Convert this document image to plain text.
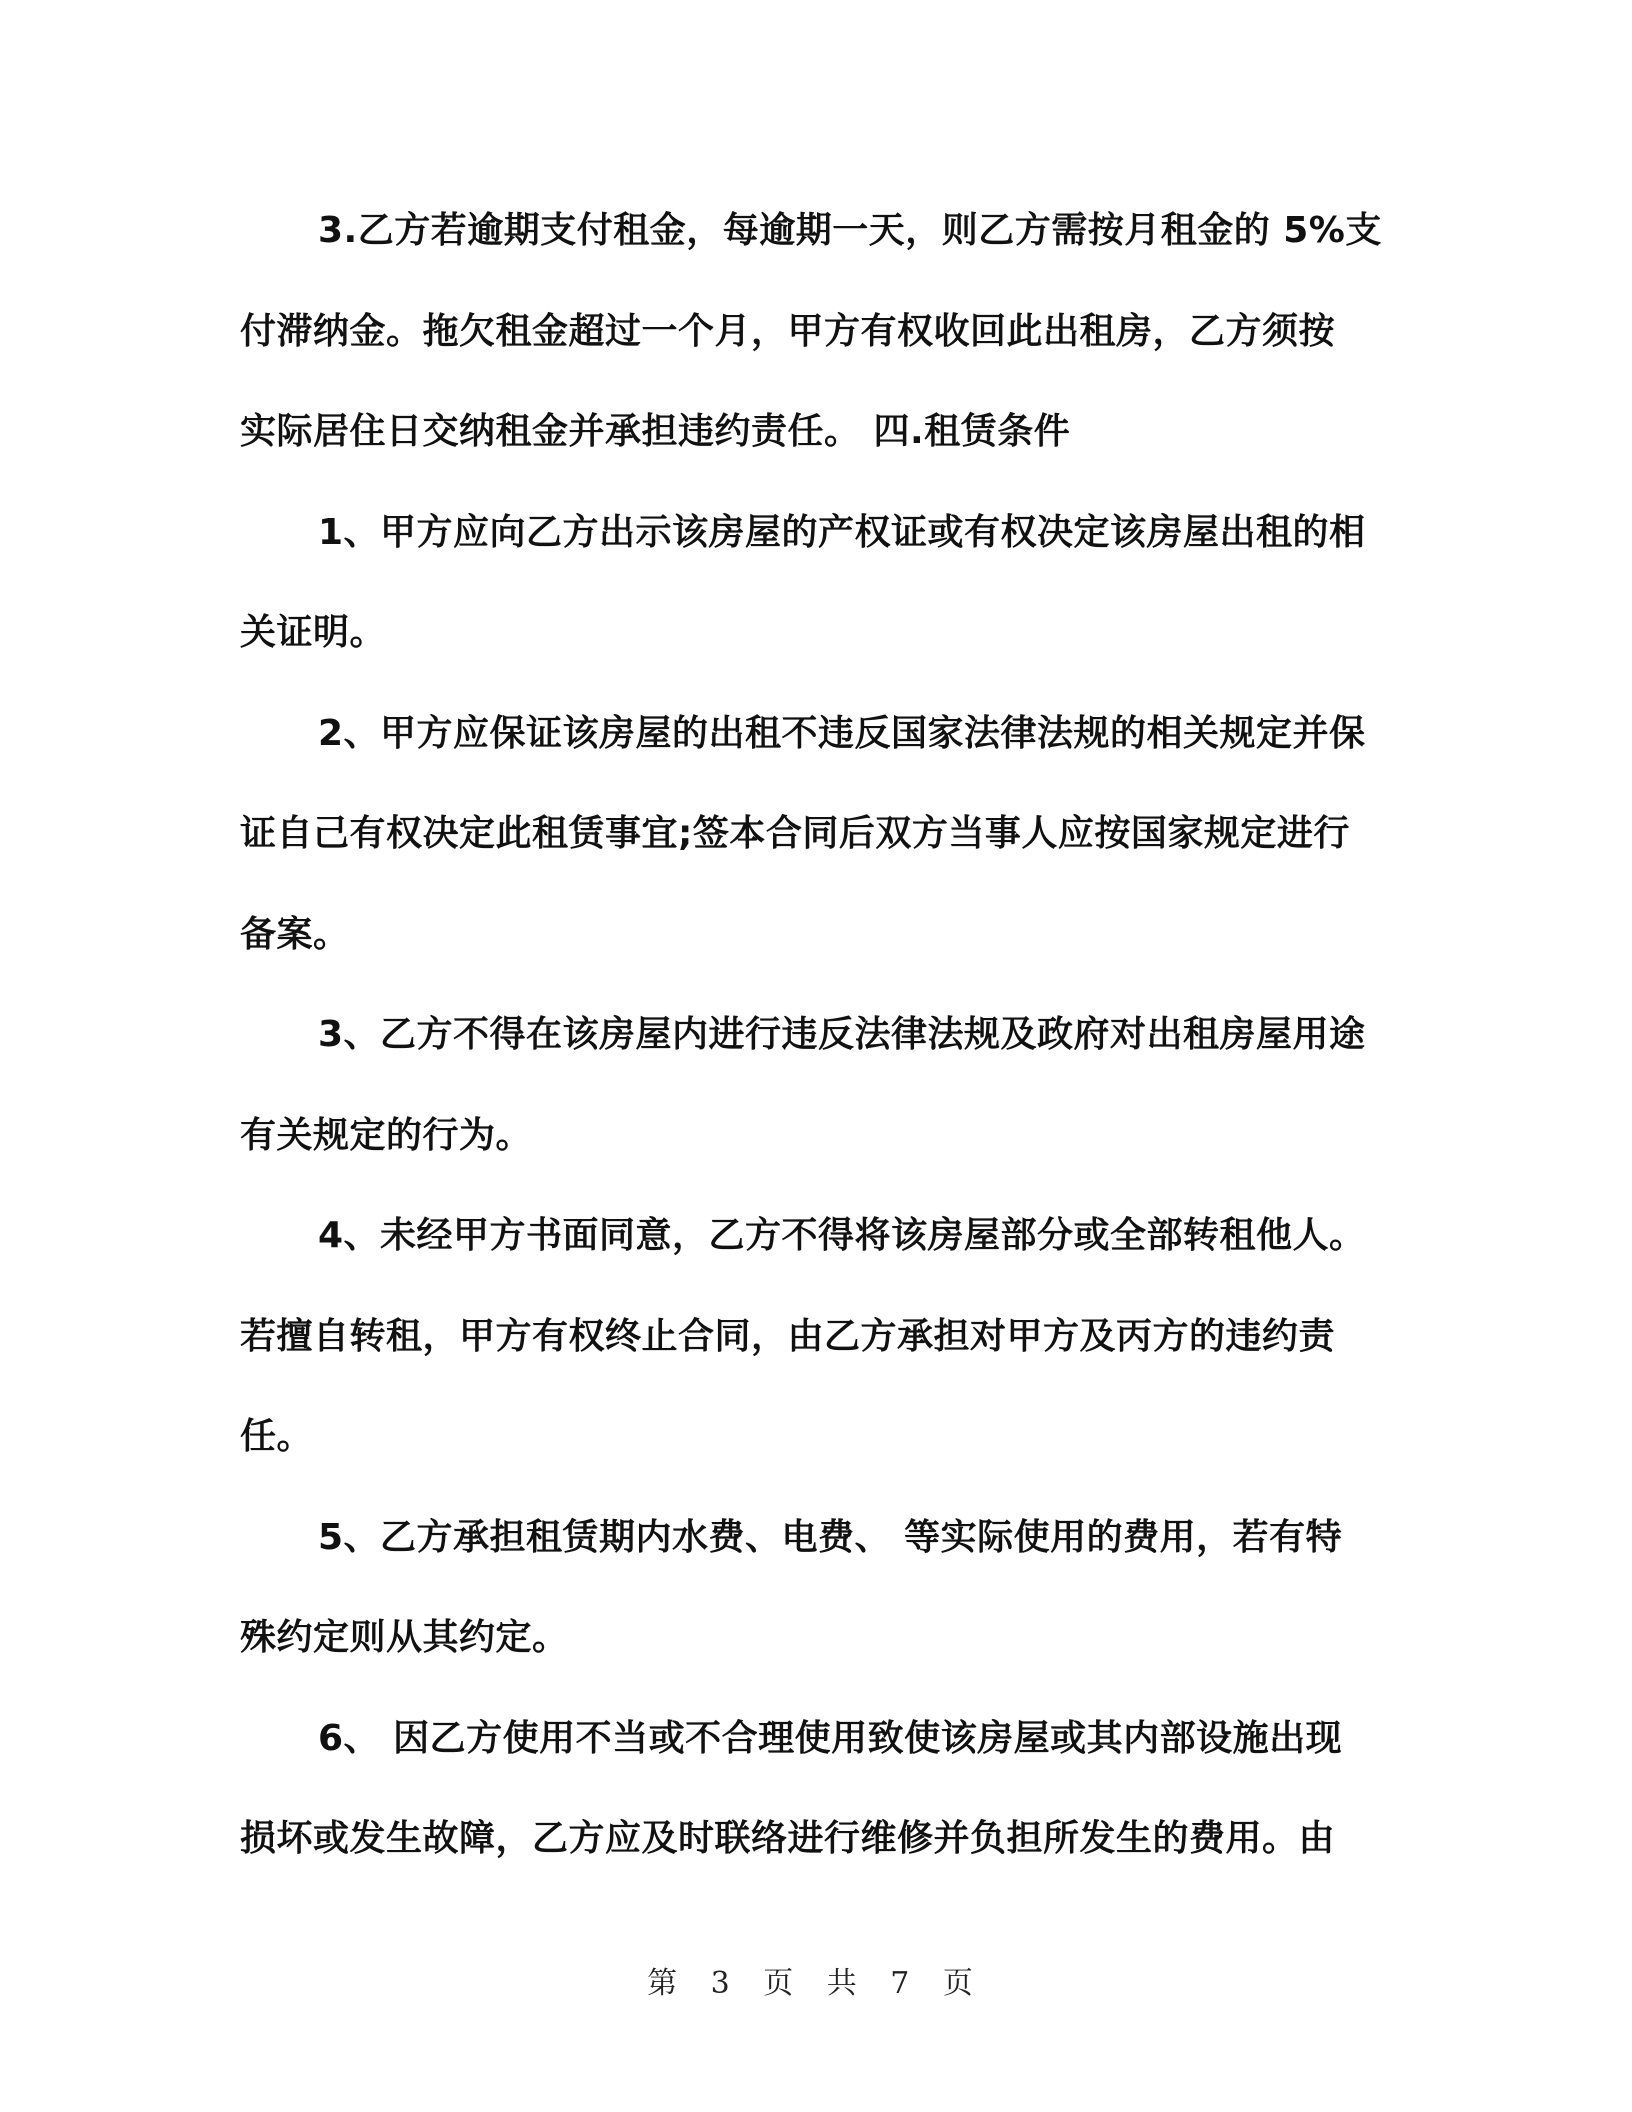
3.乙方若逾期支付租金，每逾期一天，则乙方需按月租金的 5%支
付滞纳金。拖欠租金超过一个月，甲方有权收回此出租房，乙方须按
实际居住日交纳租金并承担违约责任。 四.租赁条件
1、甲方应向乙方出示该房屋的产权证或有权决定该房屋出租的相
关证明。
2、甲方应保证该房屋的出租不违反国家法律法规的相关规定并保
证自己有权决定此租赁事宜;签本合同后双方当事人应按国家规定进行
备案。
3、乙方不得在该房屋内进行违反法律法规及政府对出租房屋用途
有关规定的行为。
4、未经甲方书面同意，乙方不得将该房屋部分或全部转租他人。
若擅自转租，甲方有权终止合同，由乙方承担对甲方及丙方的违约责
任。
5、乙方承担租赁期内水费、电费、 等实际使用的费用，若有特
殊约定则从其约定。
6、 因乙方使用不当或不合理使用致使该房屋或其内部设施出现
损坏或发生故障，乙方应及时联络进行维修并负担所发生的费用。由
第 3 页 共 7 页
